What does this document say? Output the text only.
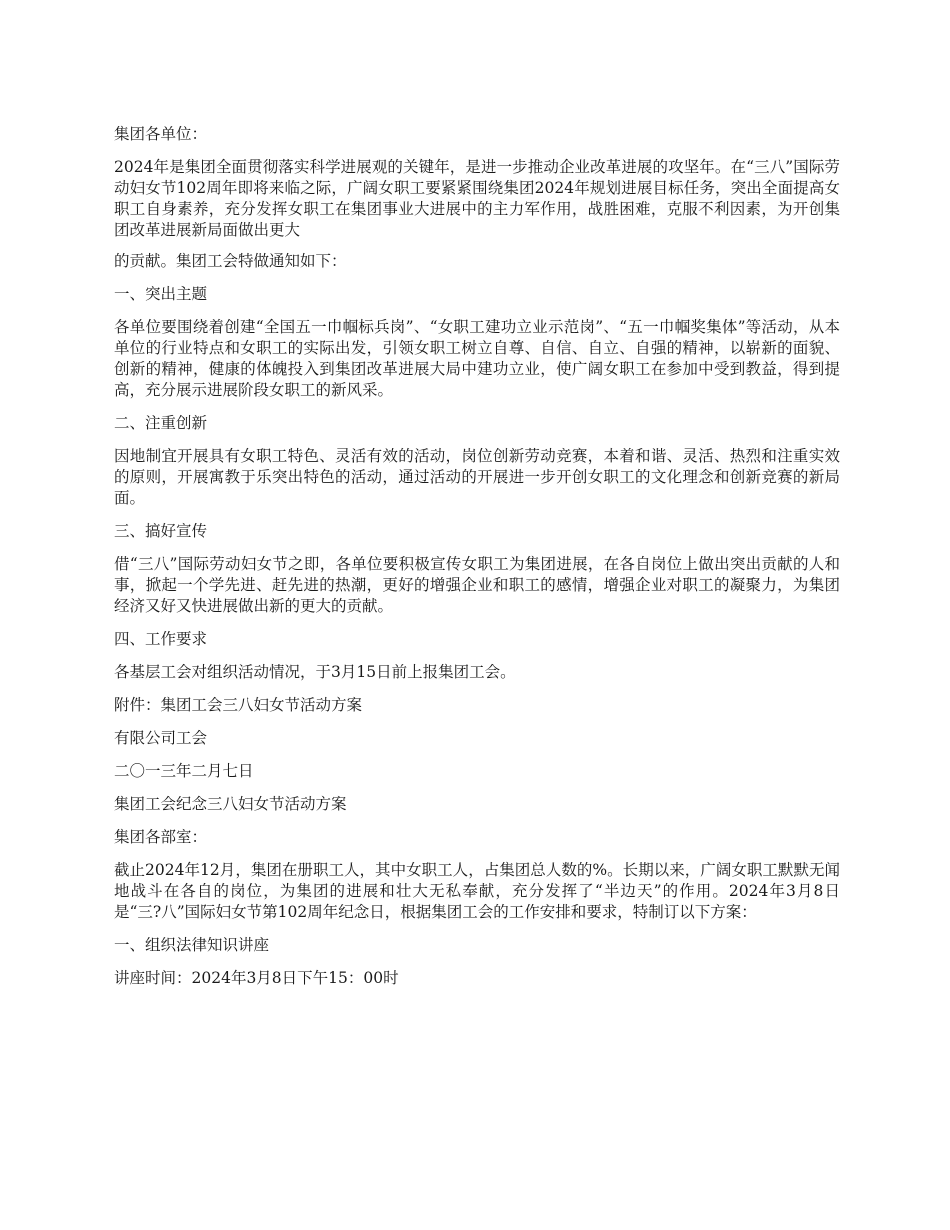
集团各单位：

2024年是集团全面贯彻落实科学进展观的关键年，是进一步推动企业改革进展的攻坚年。在“三八”国际劳动妇女节102周年即将来临之际，广阔女职工要紧紧围绕集团2024年规划进展目标任务，突出全面提高女职工自身素养，充分发挥女职工在集团事业大进展中的主力军作用，战胜困难，克服不利因素，为开创集团改革进展新局面做出更大

的贡献。集团工会特做通知如下：

一、突出主题

各单位要围绕着创建“全国五一巾帼标兵岗”、“女职工建功立业示范岗”、“五一巾帼奖集体”等活动，从本单位的行业特点和女职工的实际出发，引领女职工树立自尊、自信、自立、自强的精神，以崭新的面貌、创新的精神，健康的体魄投入到集团改革进展大局中建功立业，使广阔女职工在参加中受到教益，得到提高，充分展示进展阶段女职工的新风采。

二、注重创新

因地制宜开展具有女职工特色、灵活有效的活动，岗位创新劳动竞赛，本着和谐、灵活、热烈和注重实效的原则，开展寓教于乐突出特色的活动，通过活动的开展进一步开创女职工的文化理念和创新竞赛的新局面。

三、搞好宣传

借“三八”国际劳动妇女节之即，各单位要积极宣传女职工为集团进展，在各自岗位上做出突出贡献的人和事，掀起一个学先进、赶先进的热潮，更好的增强企业和职工的感情，增强企业对职工的凝聚力，为集团经济又好又快进展做出新的更大的贡献。

四、工作要求

各基层工会对组织活动情况，于3月15日前上报集团工会。

附件：集团工会三八妇女节活动方案

有限公司工会

二〇一三年二月七日

集团工会纪念三八妇女节活动方案

集团各部室：

截止2024年12月，集团在册职工人，其中女职工人，占集团总人数的%。长期以来，广阔女职工默默无闻地战斗在各自的岗位，为集团的进展和壮大无私奉献，充分发挥了“半边天”的作用。2024年3月8日是“三?八”国际妇女节第102周年纪念日，根据集团工会的工作安排和要求，特制订以下方案：

一、组织法律知识讲座

讲座时间：2024年3月8日下午15：00时
